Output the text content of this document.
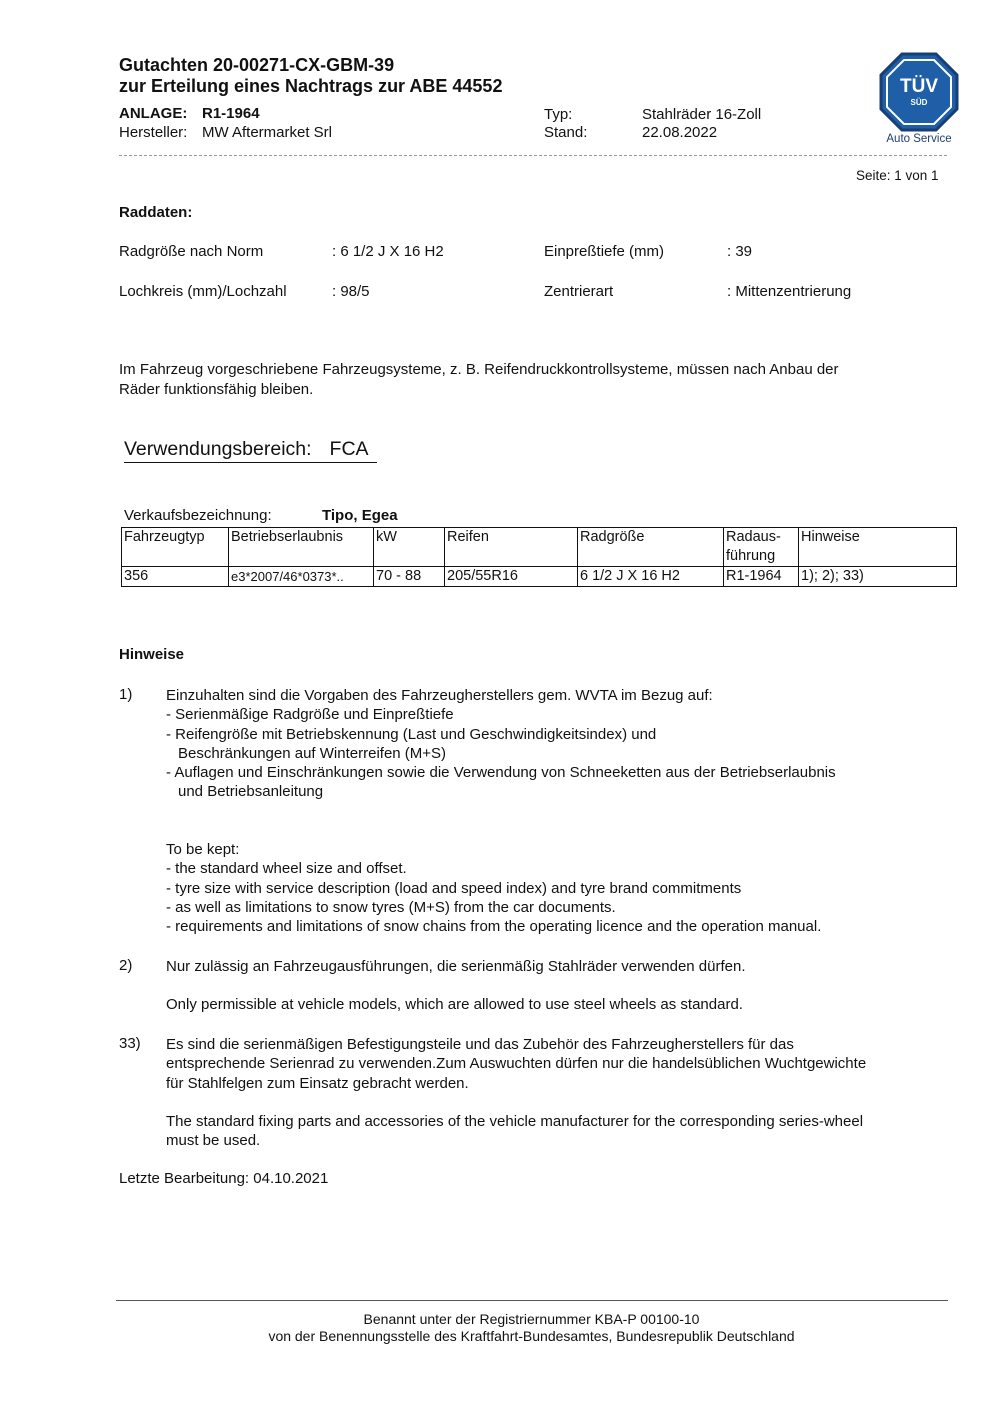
Gutachten 20-00271-CX-GBM-39
zur Erteilung eines Nachtrags zur ABE 44552
ANLAGE: R1-1964
Hersteller: MW Aftermarket Srl
Typ:	Stahlräder 16-Zoll
Stand:	22.08.2022
TÜV
SÜD
Auto Service
Seite: 1 von 1
Raddaten:
Radgröße nach Norm	: 6 1/2 J X 16 H2	Einpreßtiefe (mm)	: 39
Lochkreis (mm)/Lochzahl	: 98/5	Zentrierart	: Mittenzentrierung
Im Fahrzeug vorgeschriebene Fahrzeugsysteme, z. B. Reifendruckkontrollsysteme, müssen nach Anbau der
Räder funktionsfähig bleiben.
Verwendungsbereich: FCA
Verkaufsbezeichnung:	Tipo, Egea
Fahrzeugtyp	Betriebserlaubnis	kW	Reifen	Radgröße	Radaus-
führung	Hinweise
356	e3*2007/46*0373*..	70 - 88	205/55R16	6 1/2 J X 16 H2	R1-1964	1); 2); 33)
Hinweise
1) Einzuhalten sind die Vorgaben des Fahrzeugherstellers gem. WVTA im Bezug auf:
- Serienmäßige Radgröße und Einpreßtiefe
- Reifengröße mit Betriebskennung (Last und Geschwindigkeitsindex) und
Beschränkungen auf Winterreifen (M+S)
- Auflagen und Einschränkungen sowie die Verwendung von Schneeketten aus der Betriebserlaubnis
und Betriebsanleitung
To be kept:
- the standard wheel size and offset.
- tyre size with service description (load and speed index) and tyre brand commitments
- as well as limitations to snow tyres (M+S) from the car documents.
- requirements and limitations of snow chains from the operating licence and the operation manual.
2) Nur zulässig an Fahrzeugausführungen, die serienmäßig Stahlräder verwenden dürfen.
Only permissible at vehicle models, which are allowed to use steel wheels as standard.
33) Es sind die serienmäßigen Befestigungsteile und das Zubehör des Fahrzeugherstellers für das
entsprechende Serienrad zu verwenden.Zum Auswuchten dürfen nur die handelsüblichen Wuchtgewichte
für Stahlfelgen zum Einsatz gebracht werden.
The standard fixing parts and accessories of the vehicle manufacturer for the corresponding series-wheel
must be used.
Letzte Bearbeitung: 04.10.2021
Benannt unter der Registriernummer KBA-P 00100-10
von der Benennungsstelle des Kraftfahrt-Bundesamtes, Bundesrepublik Deutschland
